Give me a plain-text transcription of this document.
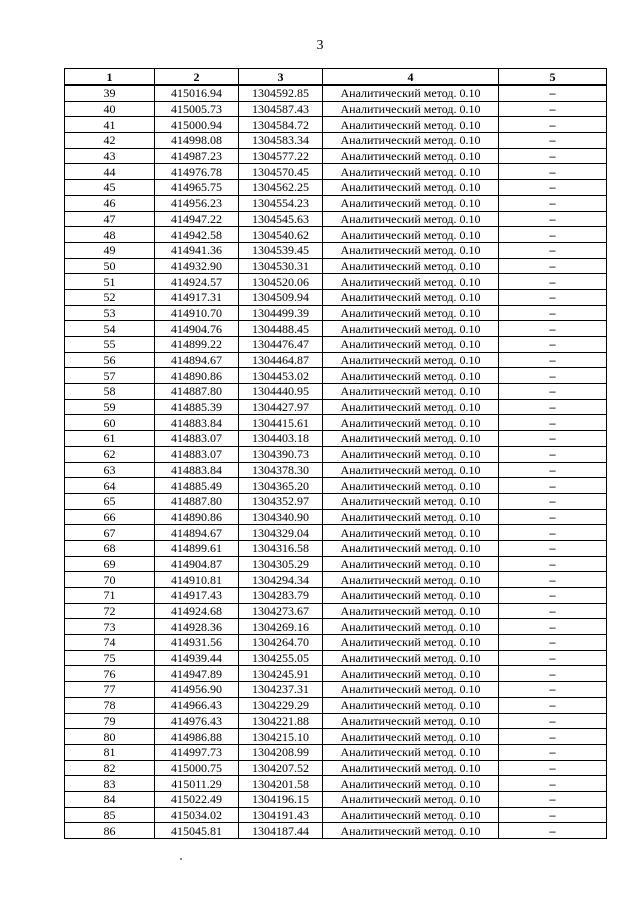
3
1	2	3	4	5
39	415016.94	1304592.85	Аналитический метод. 0.10	–
40	415005.73	1304587.43	Аналитический метод. 0.10	–
41	415000.94	1304584.72	Аналитический метод. 0.10	–
42	414998.08	1304583.34	Аналитический метод. 0.10	–
43	414987.23	1304577.22	Аналитический метод. 0.10	–
44	414976.78	1304570.45	Аналитический метод. 0.10	–
45	414965.75	1304562.25	Аналитический метод. 0.10	–
46	414956.23	1304554.23	Аналитический метод. 0.10	–
47	414947.22	1304545.63	Аналитический метод. 0.10	–
48	414942.58	1304540.62	Аналитический метод. 0.10	–
49	414941.36	1304539.45	Аналитический метод. 0.10	–
50	414932.90	1304530.31	Аналитический метод. 0.10	–
51	414924.57	1304520.06	Аналитический метод. 0.10	–
52	414917.31	1304509.94	Аналитический метод. 0.10	–
53	414910.70	1304499.39	Аналитический метод. 0.10	–
54	414904.76	1304488.45	Аналитический метод. 0.10	–
55	414899.22	1304476.47	Аналитический метод. 0.10	–
56	414894.67	1304464.87	Аналитический метод. 0.10	–
57	414890.86	1304453.02	Аналитический метод. 0.10	–
58	414887.80	1304440.95	Аналитический метод. 0.10	–
59	414885.39	1304427.97	Аналитический метод. 0.10	–
60	414883.84	1304415.61	Аналитический метод. 0.10	–
61	414883.07	1304403.18	Аналитический метод. 0.10	–
62	414883.07	1304390.73	Аналитический метод. 0.10	–
63	414883.84	1304378.30	Аналитический метод. 0.10	–
64	414885.49	1304365.20	Аналитический метод. 0.10	–
65	414887.80	1304352.97	Аналитический метод. 0.10	–
66	414890.86	1304340.90	Аналитический метод. 0.10	–
67	414894.67	1304329.04	Аналитический метод. 0.10	–
68	414899.61	1304316.58	Аналитический метод. 0.10	–
69	414904.87	1304305.29	Аналитический метод. 0.10	–
70	414910.81	1304294.34	Аналитический метод. 0.10	–
71	414917.43	1304283.79	Аналитический метод. 0.10	–
72	414924.68	1304273.67	Аналитический метод. 0.10	–
73	414928.36	1304269.16	Аналитический метод. 0.10	–
74	414931.56	1304264.70	Аналитический метод. 0.10	–
75	414939.44	1304255.05	Аналитический метод. 0.10	–
76	414947.89	1304245.91	Аналитический метод. 0.10	–
77	414956.90	1304237.31	Аналитический метод. 0.10	–
78	414966.43	1304229.29	Аналитический метод. 0.10	–
79	414976.43	1304221.88	Аналитический метод. 0.10	–
80	414986.88	1304215.10	Аналитический метод. 0.10	–
81	414997.73	1304208.99	Аналитический метод. 0.10	–
82	415000.75	1304207.52	Аналитический метод. 0.10	–
83	415011.29	1304201.58	Аналитический метод. 0.10	–
84	415022.49	1304196.15	Аналитический метод. 0.10	–
85	415034.02	1304191.43	Аналитический метод. 0.10	–
86	415045.81	1304187.44	Аналитический метод. 0.10	–
